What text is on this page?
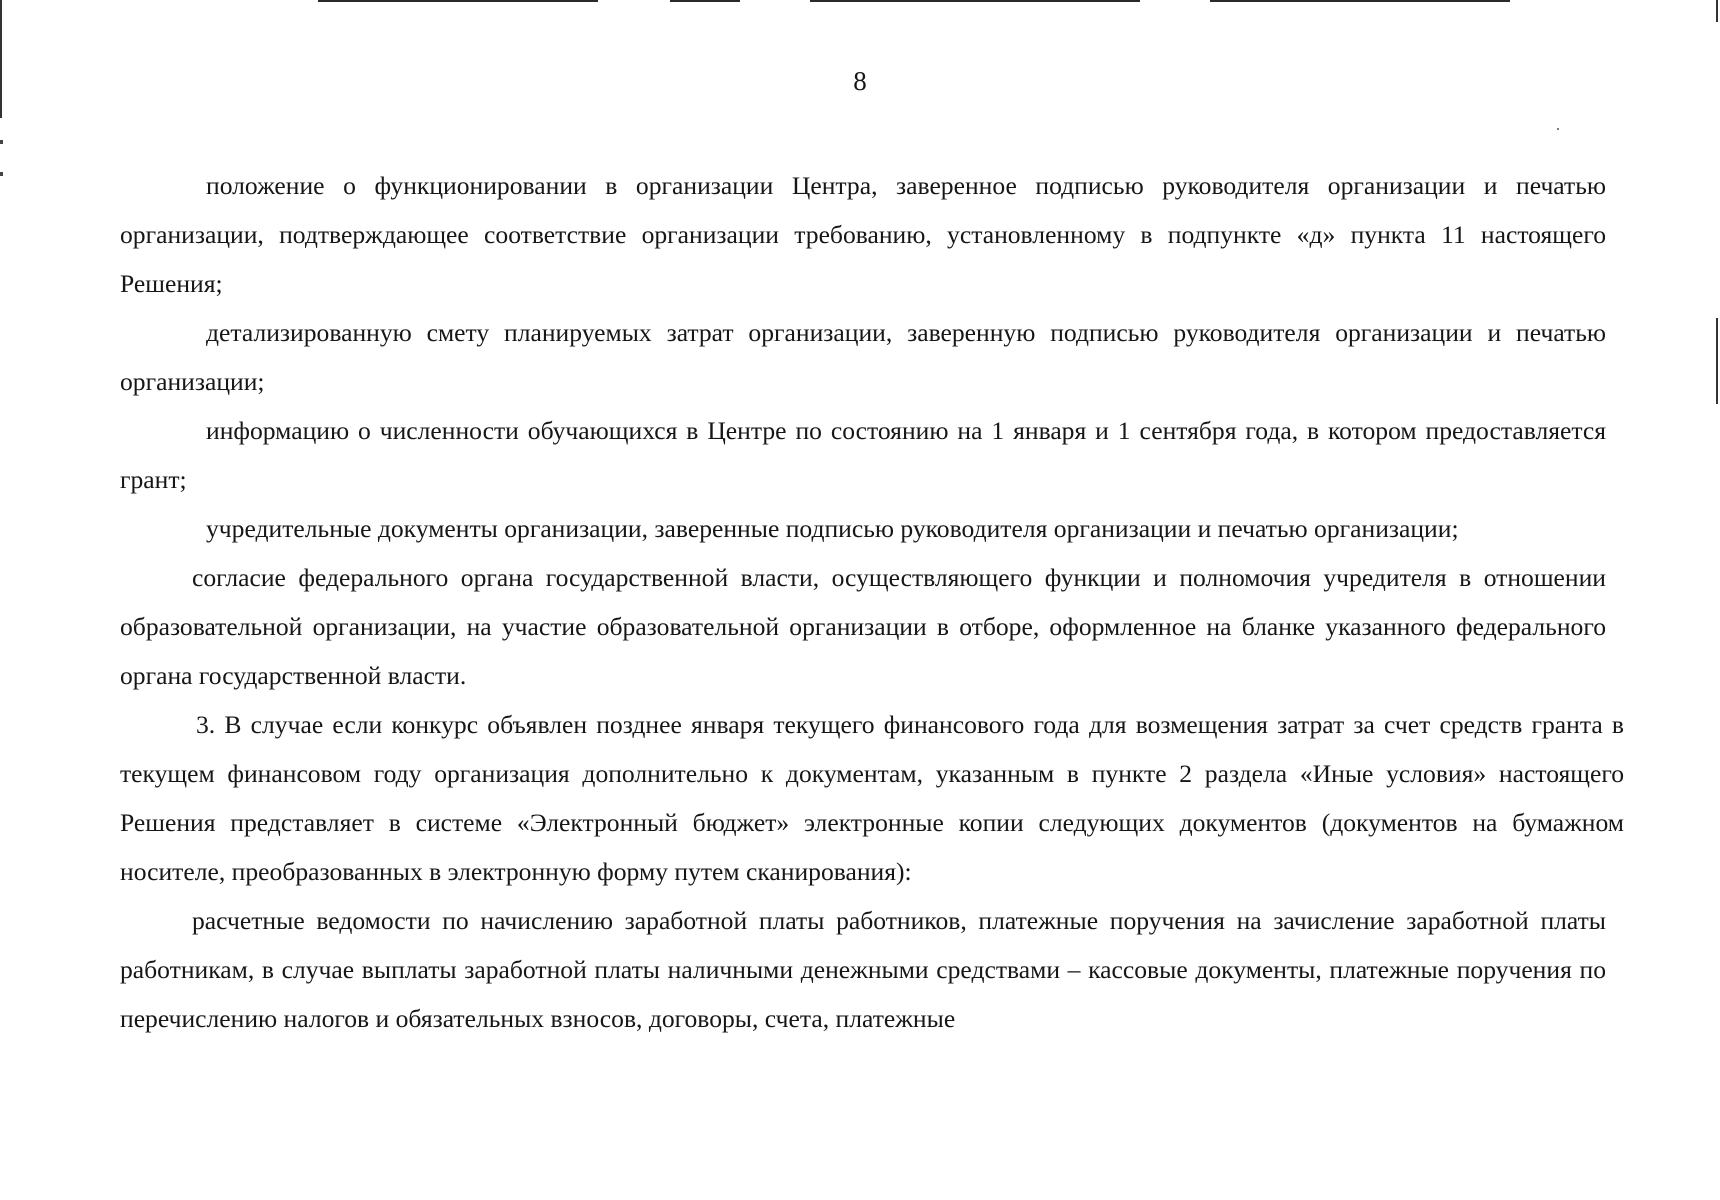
8

положение о функционировании в организации Центра, заверенное подписью руководителя организации и печатью организации, подтверждающее соответствие организации требованию, установленному в подпункте «д» пункта 11 настоящего Решения;

детализированную смету планируемых затрат организации, заверенную подписью руководителя организации и печатью организации;

информацию о численности обучающихся в Центре по состоянию на 1 января и 1 сентября года, в котором предоставляется грант;

учредительные документы организации, заверенные подписью руководителя организации и печатью организации;

согласие федерального органа государственной власти, осуществляющего функции и полномочия учредителя в отношении образовательной организации, на участие образовательной организации в отборе, оформленное на бланке указанного федерального органа государственной власти.

3. В случае если конкурс объявлен позднее января текущего финансового года для возмещения затрат за счет средств гранта в текущем финансовом году организация дополнительно к документам, указанным в пункте 2 раздела «Иные условия» настоящего Решения представляет в системе «Электронный бюджет» электронные копии следующих документов (документов на бумажном носителе, преобразованных в электронную форму путем сканирования):

расчетные ведомости по начислению заработной платы работников, платежные поручения на зачисление заработной платы работникам, в случае выплаты заработной платы наличными денежными средствами – кассовые документы, платежные поручения по перечислению налогов и обязательных взносов, договоры, счета, платежные
